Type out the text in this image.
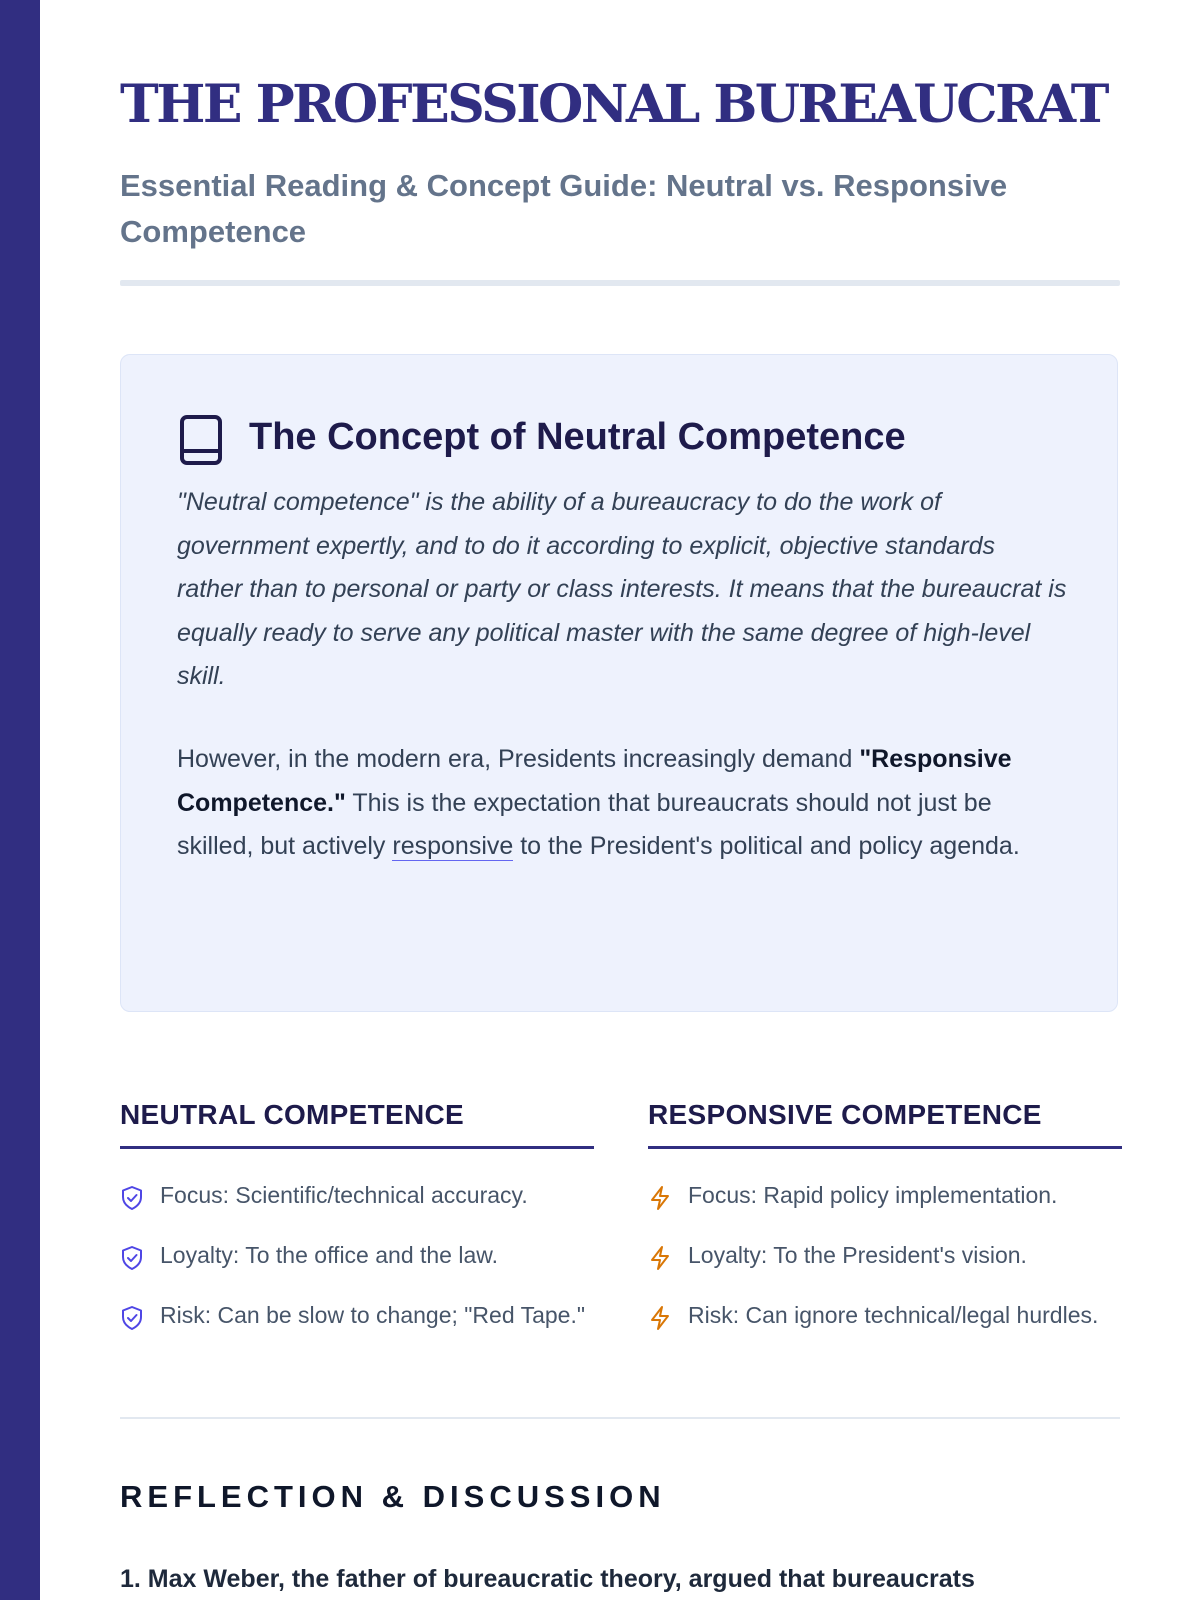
THE PROFESSIONAL BUREAUCRAT

Essential Reading & Concept Guide: Neutral vs. Responsive Competence

The Concept of Neutral Competence

"Neutral competence" is the ability of a bureaucracy to do the work of government expertly, and to do it according to explicit, objective standards rather than to personal or party or class interests. It means that the bureaucrat is equally ready to serve any political master with the same degree of high-level skill.

However, in the modern era, Presidents increasingly demand "Responsive Competence." This is the expectation that bureaucrats should not just be skilled, but actively responsive to the President's political and policy agenda.

NEUTRAL COMPETENCE
Focus: Scientific/technical accuracy.
Loyalty: To the office and the law.
Risk: Can be slow to change; "Red Tape."
RESPONSIVE COMPETENCE
Focus: Rapid policy implementation.
Loyalty: To the President's vision.
Risk: Can ignore technical/legal hurdles.
REFLECTION & DISCUSSION

1. Max Weber, the father of bureaucratic theory, argued that bureaucrats
